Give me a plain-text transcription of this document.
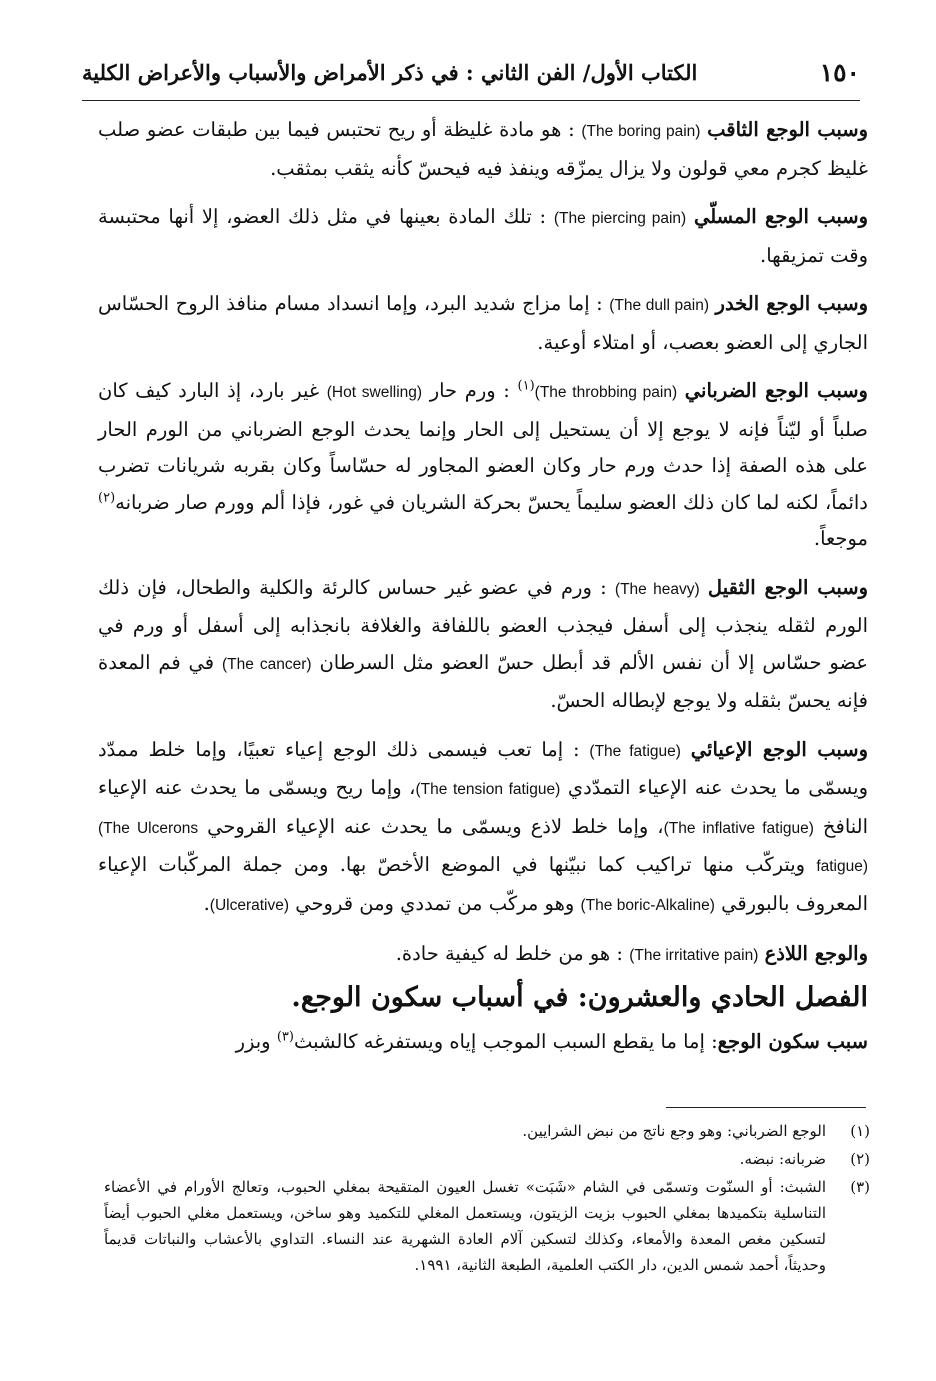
١٥٠
الكتاب الأول/ الفن الثاني : في ذكر الأمراض والأسباب والأعراض الكلية

وسبب الوجع الثاقب (The boring pain) : هو مادة غليظة أو ريح تحتبس فيما بين طبقات عضو صلب غليظ كجرم معي قولون ولا يزال يمزّقه وينفذ فيه فيحسّ كأنه يثقب بمثقب.

وسبب الوجع المسلّي (The piercing pain) : تلك المادة بعينها في مثل ذلك العضو، إلا أنها محتبسة وقت تمزيقها.

وسبب الوجع الخدر (The dull pain) : إما مزاج شديد البرد، وإما انسداد مسام منافذ الروح الحسّاس الجاري إلى العضو بعصب، أو امتلاء أوعية.

وسبب الوجع الضرباني (The throbbing pain)$^{(١)}$ : ورم حار (Hot swelling) غير بارد، إذ البارد كيف كان صلباً أو ليّناً فإنه لا يوجع إلا أن يستحيل إلى الحار وإنما يحدث الوجع الضرباني من الورم الحار على هذه الصفة إذا حدث ورم حار وكان العضو المجاور له حسّاساً وكان بقربه شريانات تضرب دائماً، لكنه لما كان ذلك العضو سليماً يحسّ بحركة الشريان في غور، فإذا ألم وورم صار ضربانه$^{(٢)}$ موجعاً.

وسبب الوجع الثقيل (The heavy) : ورم في عضو غير حساس كالرئة والكلية والطحال، فإن ذلك الورم لثقله ينجذب إلى أسفل فيجذب العضو باللفافة والغلافة بانجذابه إلى أسفل أو ورم في عضو حسّاس إلا أن نفس الألم قد أبطل حسّ العضو مثل السرطان (The cancer) في فم المعدة فإنه يحسّ بثقله ولا يوجع لإبطاله الحسّ.

وسبب الوجع الإعيائي (The fatigue) : إما تعب فيسمى ذلك الوجع إعياء تعبيًا، وإما خلط ممدّد ويسمّى ما يحدث عنه الإعياء التمدّدي (The tension fatigue)، وإما ريح ويسمّى ما يحدث عنه الإعياء النافخ (The inflative fatigue)، وإما خلط لاذع ويسمّى ما يحدث عنه الإعياء القروحي (The Ulcerons fatigue) ويتركّب منها تراكيب كما نبيّنها في الموضع الأخصّ بها. ومن جملة المركّبات الإعياء المعروف بالبورقي (The boric-Alkaline) وهو مركّب من تمددي ومن قروحي (Ulcerative).

والوجع اللاذع (The irritative pain) : هو من خلط له كيفية حادة.

الفصل الحادي والعشرون: في أسباب سكون الوجع.
سبب سكون الوجع: إما ما يقطع السبب الموجب إياه ويستفرغه كالشبث$^{(٣)}$ وبزر
(١)
الوجع الضرباني: وهو وجع ناتج من نبض الشرايين.
(٢)
ضربانه: نبضه.
(٣)
الشبث: أو السنّوت وتسمّى في الشام «شَبَت» تغسل العيون المتقيحة بمغلي الحبوب، وتعالج الأورام في الأعضاء التناسلية بتكميدها بمغلي الحبوب بزيت الزيتون، ويستعمل المغلي للتكميد وهو ساخن، ويستعمل مغلي الحبوب أيضاً لتسكين مغص المعدة والأمعاء، وكذلك لتسكين آلام العادة الشهرية عند النساء. التداوي بالأعشاب والنباتات قديماً وحديثاً، أحمد شمس الدين، دار الكتب العلمية، الطبعة الثانية، ١٩٩١.
